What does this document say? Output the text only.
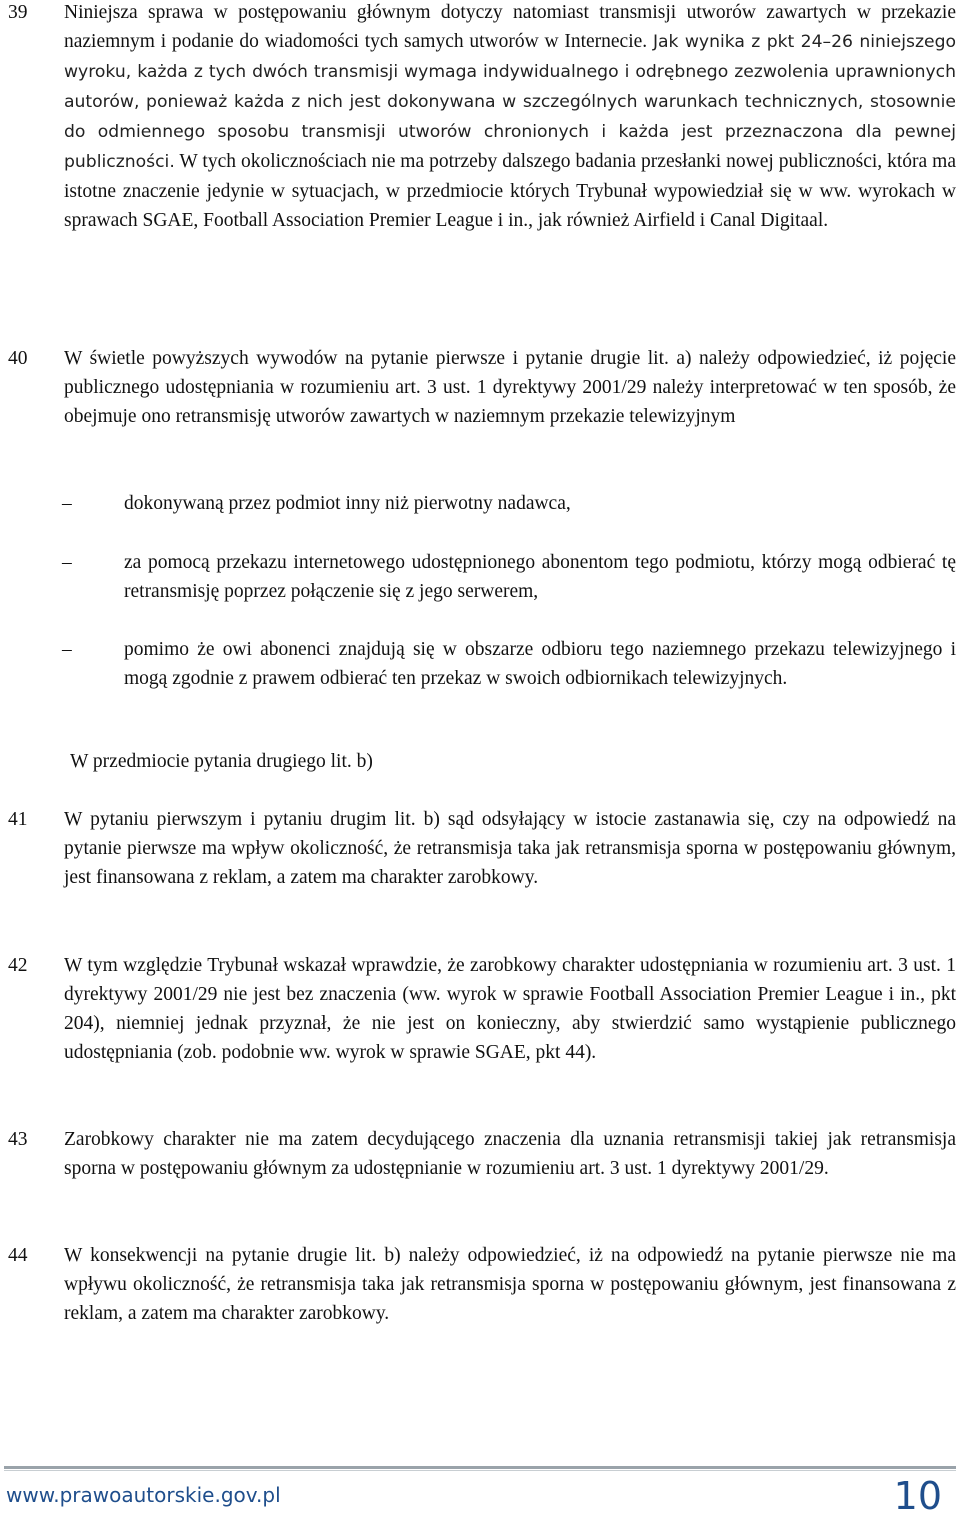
39 Niniejsza sprawa w postępowaniu głównym dotyczy natomiast transmisji utworów zawartych w przekazie naziemnym i podanie do wiadomości tych samych utworów w Internecie. Jak wynika z pkt 24–26 niniejszego wyroku, każda z tych dwóch transmisji wymaga indywidualnego i odrębnego zezwolenia uprawnionych autorów, ponieważ każda z nich jest dokonywana w szczególnych warunkach technicznych, stosownie do odmiennego sposobu transmisji utworów chronionych i każda jest przeznaczona dla pewnej publiczności. W tych okolicznościach nie ma potrzeby dalszego badania przesłanki nowej publiczności, która ma istotne znaczenie jedynie w sytuacjach, w przedmiocie których Trybunał wypowiedział się w ww. wyrokach w sprawach SGAE, Football Association Premier League i in., jak również Airfield i Canal Digitaal.
40 W świetle powyższych wywodów na pytanie pierwsze i pytanie drugie lit. a) należy odpowiedzieć, iż pojęcie publicznego udostępniania w rozumieniu art. 3 ust. 1 dyrektywy 2001/29 należy interpretować w ten sposób, że obejmuje ono retransmisję utworów zawartych w naziemnym przekazie telewizyjnym
–	dokonywaną przez podmiot inny niż pierwotny nadawca,
–	za pomocą przekazu internetowego udostępnionego abonentom tego podmiotu, którzy mogą odbierać tę retransmisję poprzez połączenie się z jego serwerem,
–	pomimo że owi abonenci znajdują się w obszarze odbioru tego naziemnego przekazu telewizyjnego i mogą zgodnie z prawem odbierać ten przekaz w swoich odbiornikach telewizyjnych.
W przedmiocie pytania drugiego lit. b)
41 W pytaniu pierwszym i pytaniu drugim lit. b) sąd odsyłający w istocie zastanawia się, czy na odpowiedź na pytanie pierwsze ma wpływ okoliczność, że retransmisja taka jak retransmisja sporna w postępowaniu głównym, jest finansowana z reklam, a zatem ma charakter zarobkowy.
42 W tym względzie Trybunał wskazał wprawdzie, że zarobkowy charakter udostępniania w rozumieniu art. 3 ust. 1 dyrektywy 2001/29 nie jest bez znaczenia (ww. wyrok w sprawie Football Association Premier League i in., pkt 204), niemniej jednak przyznał, że nie jest on konieczny, aby stwierdzić samo wystąpienie publicznego udostępniania (zob. podobnie ww. wyrok w sprawie SGAE, pkt 44).
43 Zarobkowy charakter nie ma zatem decydującego znaczenia dla uznania retransmisji takiej jak retransmisja sporna w postępowaniu głównym za udostępnianie w rozumieniu art. 3 ust. 1 dyrektywy 2001/29.
44 W konsekwencji na pytanie drugie lit. b) należy odpowiedzieć, iż na odpowiedź na pytanie pierwsze nie ma wpływu okoliczność, że retransmisja taka jak retransmisja sporna w postępowaniu głównym, jest finansowana z reklam, a zatem ma charakter zarobkowy.
www.prawoautorskie.gov.pl	10
